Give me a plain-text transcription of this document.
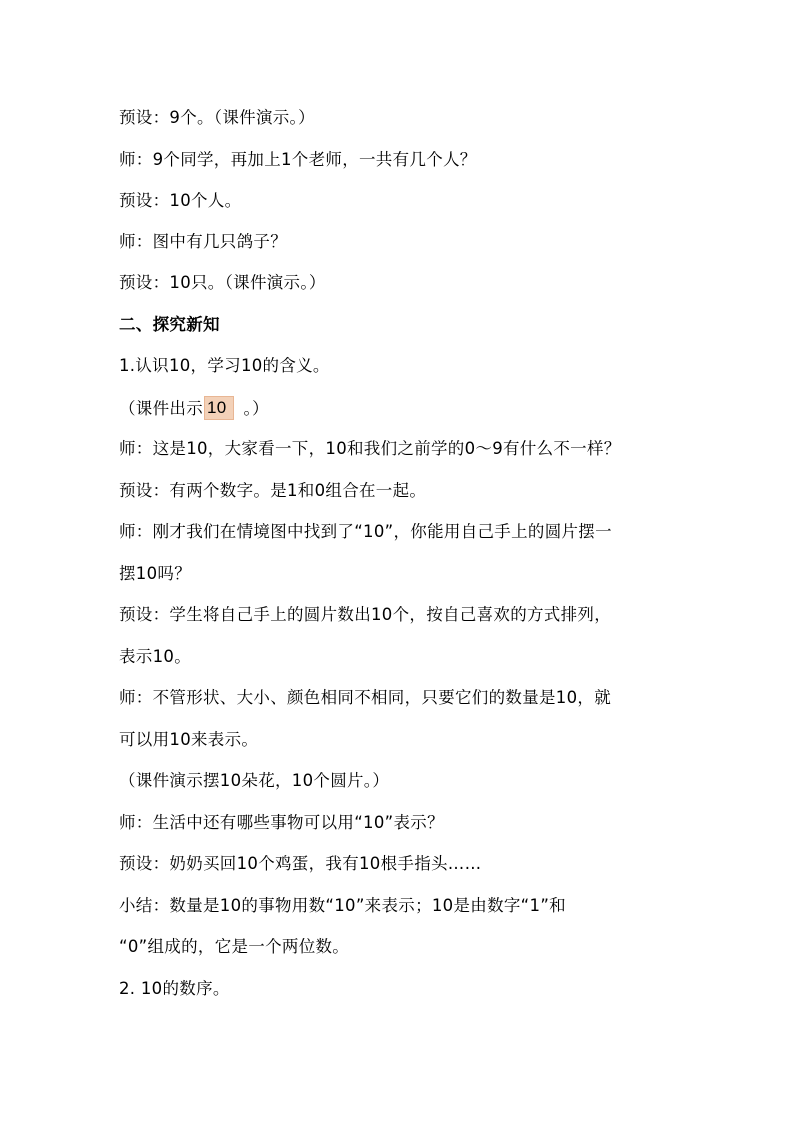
预设：9个。（课件演示。）
师：9个同学，再加上1个老师，一共有几个人？
预设：10个人。
师：图中有几只鸽子？
预设：10只。（课件演示。）
二、探究新知
1.认识10，学习10的含义。
（课件出示 10 。）
师：这是10，大家看一下，10和我们之前学的0～9有什么不一样？
预设：有两个数字。是1和0组合在一起。
师：刚才我们在情境图中找到了“10”，你能用自己手上的圆片摆一
摆10吗？
预设：学生将自己手上的圆片数出10个，按自己喜欢的方式排列，
表示10。
师：不管形状、大小、颜色相同不相同，只要它们的数量是10，就
可以用10来表示。
（课件演示摆10朵花，10个圆片。）
师：生活中还有哪些事物可以用“10”表示？
预设：奶奶买回10个鸡蛋，我有10根手指头……
小结：数量是10的事物用数“10”来表示；10是由数字“1”和
“0”组成的，它是一个两位数。
2. 10的数序。
